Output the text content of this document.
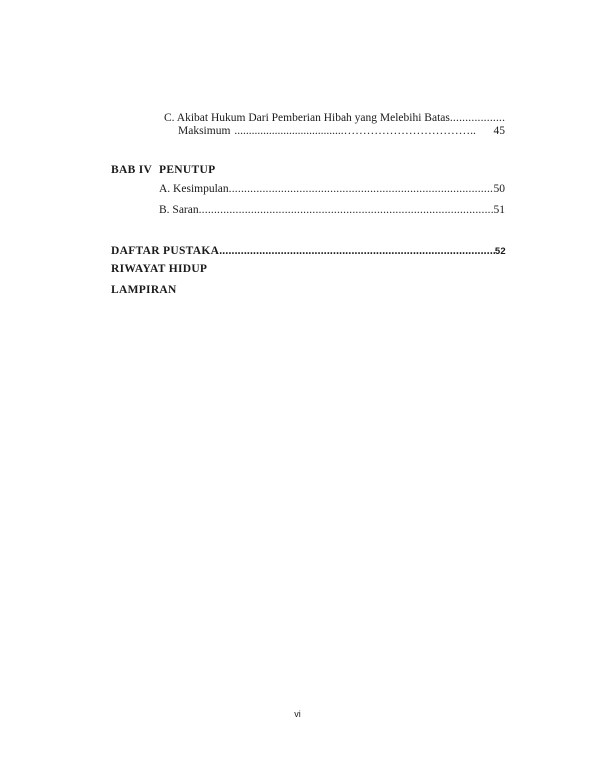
C. Akibat Hukum Dari Pemberian Hibah yang Melebihi Batas
.....
Maksimum ......................................…………………………….. 45
BAB IV PENUTUP
A. Kesimpulan .....	50
B. Saran .....	51
DAFTAR PUSTAKA .....	52
RIWAYAT HIDUP
LAMPIRAN
vi
